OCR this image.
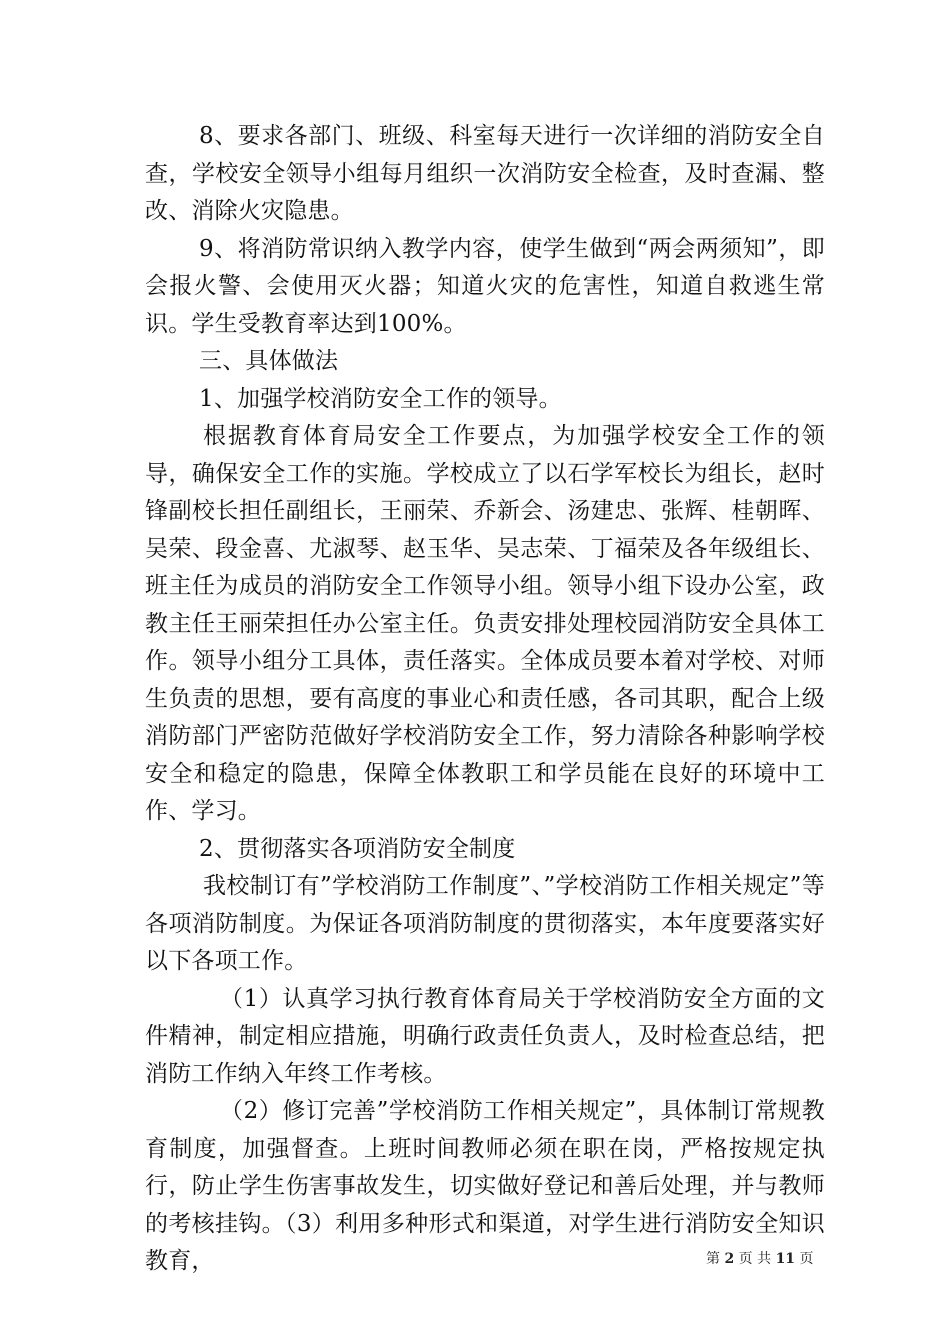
8、要求各部门、班级、科室每天进行一次详细的消防安全自查，学校安全领导小组每月组织一次消防安全检查，及时查漏、整改、消除火灾隐患。

9、将消防常识纳入教学内容，使学生做到“两会两须知”，即会报火警、会使用灭火器；知道火灾的危害性，知道自救逃生常识。学生受教育率达到100%。

三、具体做法

1、加强学校消防安全工作的领导。

根据教育体育局安全工作要点，为加强学校安全工作的领导，确保安全工作的实施。学校成立了以石学军校长为组长，赵时锋副校长担任副组长，王丽荣、乔新会、汤建忠、张辉、桂朝晖、吴荣、段金喜、尤淑琴、赵玉华、吴志荣、丁福荣及各年级组长、班主任为成员的消防安全工作领导小组。领导小组下设办公室，政教主任王丽荣担任办公室主任。负责安排处理校园消防安全具体工作。领导小组分工具体，责任落实。全体成员要本着对学校、对师生负责的思想，要有高度的事业心和责任感，各司其职，配合上级消防部门严密防范做好学校消防安全工作，努力清除各种影响学校安全和稳定的隐患，保障全体教职工和学员能在良好的环境中工作、学习。

2、贯彻落实各项消防安全制度

我校制订有”学校消防工作制度”、”学校消防工作相关规定”等各项消防制度。为保证各项消防制度的贯彻落实，本年度要落实好以下各项工作。

（1）认真学习执行教育体育局关于学校消防安全方面的文件精神，制定相应措施，明确行政责任负责人，及时检查总结，把消防工作纳入年终工作考核。

（2）修订完善”学校消防工作相关规定”，具体制订常规教育制度，加强督查。上班时间教师必须在职在岗，严格按规定执行，防止学生伤害事故发生，切实做好登记和善后处理，并与教师的考核挂钩。（3）利用多种形式和渠道，对学生进行消防安全知识教育，	第 2 页 共 11 页
